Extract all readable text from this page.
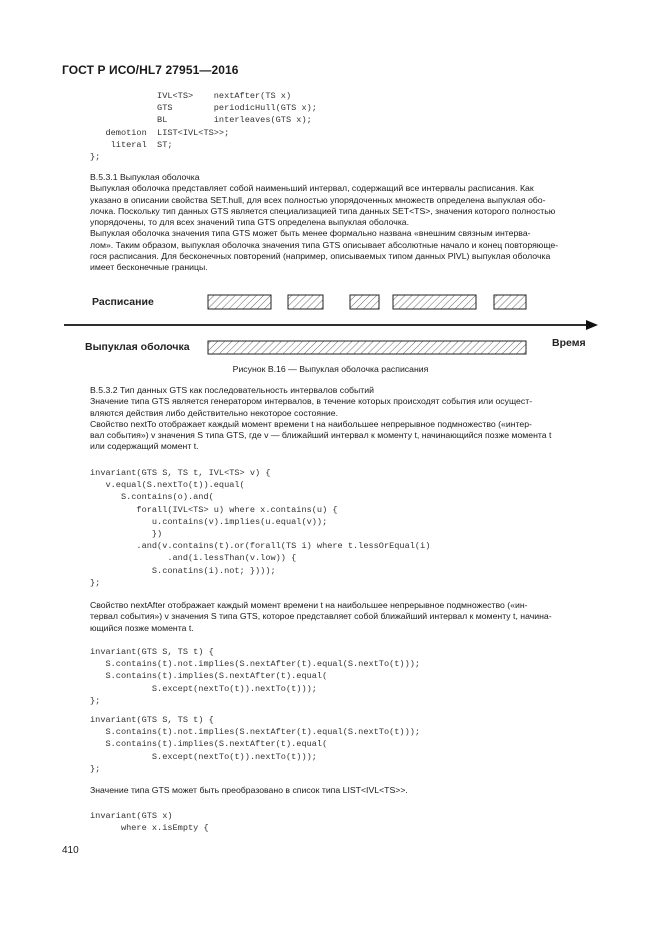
ГОСТ Р ИСО/HL7 27951—2016
IVL<TS>    nextAfter(TS x)
GTS        periodicHull(GTS x);
BL         interleaves(GTS x);
demotion  LIST<IVL<TS>>;
literal  ST;
};

В.5.3.1 Выпуклая оболочка

Выпуклая оболочка представляет собой наименьший интервал, содержащий все интервалы расписания. Как
указано в описании свойства SET.hull, для всех полностью упорядоченных множеств определена выпуклая обо-
лочка. Поскольку тип данных GTS является специализацией типа данных SET<TS>, значения которого полностью
упорядочены, то для всех значений типа GTS определена выпуклая оболочка.
Выпуклая оболочка значения типа GTS может быть менее формально названа «внешним связным интерва-
лом». Таким образом, выпуклая оболочка значения типа GTS описывает абсолютные начало и конец повторяюще-
гося расписания. Для бесконечных повторений (например, описываемых типом данных PIVL) выпуклая оболочка
имеет бесконечные границы.
Расписание
Выпуклая оболочка	Время
Рисунок В.16 — Выпуклая оболочка расписания

В.5.3.2 Тип данных GTS как последовательность интервалов событий

Значение типа GTS является генератором интервалов, в течение которых происходят события или осущест-
вляются действия либо действительно некоторое состояние.
Свойство nextTo отображает каждый момент времени t на наибольшее непрерывное подмножество («интер-
вал события») v значения S типа GTS, где v — ближайший интервал к моменту t, начинающийся позже момента t
или содержащий момент t.
invariant(GTS S, TS t, IVL<TS> v) {
v.equal(S.nextTo(t)).equal(
S.contains(o).and(
forall(IVL<TS> u) where x.contains(u) {
u.contains(v).implies(u.equal(v));
})
.and(v.contains(t).or(forall(TS i) where t.lessOrEqual(i)
.and(i.lessThan(v.low)) {
S.conatins(i).not; })));
};
Свойство nextAfter отображает каждый момент времени t на наибольшее непрерывное подмножество («ин-
тервал события») v значения S типа GTS, которое представляет собой ближайший интервал к моменту t, начина-
ющийся позже момента t.
invariant(GTS S, TS t) {
S.contains(t).not.implies(S.nextAfter(t).equal(S.nextTo(t)));
S.contains(t).implies(S.nextAfter(t).equal(
S.except(nextTo(t)).nextTo(t)));
};
invariant(GTS S, TS t) {
S.contains(t).not.implies(S.nextAfter(t).equal(S.nextTo(t)));
S.contains(t).implies(S.nextAfter(t).equal(
S.except(nextTo(t)).nextTo(t)));
};
Значение типа GTS может быть преобразовано в список типа LIST<IVL<TS>>.
invariant(GTS x)
where x.isEmpty {
410
